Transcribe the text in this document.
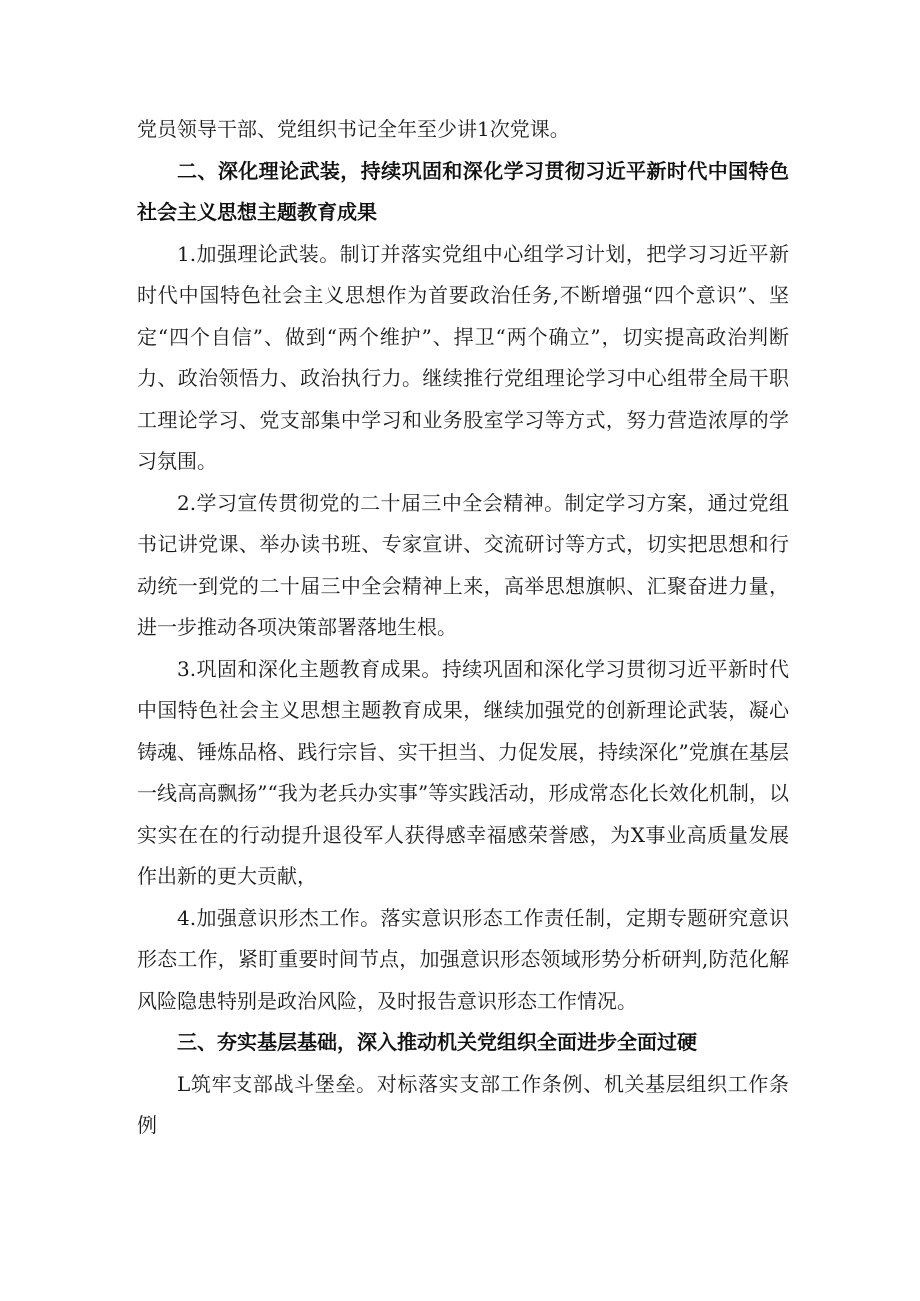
党员领导干部、党组织书记全年至少讲1次党课。

二、深化理论武装，持续巩固和深化学习贯彻习近平新时代中国特色社会主义思想主题教育成果

1.加强理论武装。制订并落实党组中心组学习计划，把学习习近平新时代中国特色社会主义思想作为首要政治任务,不断增强“四个意识”、坚定“四个自信”、做到“两个维护”、捍卫“两个确立”，切实提高政治判断力、政治领悟力、政治执行力。继续推行党组理论学习中心组带全局干职工理论学习、党支部集中学习和业务股室学习等方式，努力营造浓厚的学习氛围。

2.学习宣传贯彻党的二十届三中全会精神。制定学习方案，通过党组书记讲党课、举办读书班、专家宣讲、交流研讨等方式，切实把思想和行动统一到党的二十届三中全会精神上来，高举思想旗帜、汇聚奋进力量，进一步推动各项决策部署落地生根。

3.巩固和深化主题教育成果。持续巩固和深化学习贯彻习近平新时代中国特色社会主义思想主题教育成果，继续加强党的创新理论武装，凝心铸魂、锤炼品格、践行宗旨、实干担当、力促发展，持续深化”党旗在基层一线高高飘扬”“我为老兵办实事”等实践活动，形成常态化长效化机制，以实实在在的行动提升退役军人获得感幸福感荣誉感，为X事业高质量发展作出新的更大贡献，

4.加强意识形杰工作。落实意识形态工作责任制，定期专题研究意识形态工作，紧盯重要时间节点，加强意识形态领域形势分析研判,防范化解风险隐患特别是政治风险，及时报告意识形态工作情况。

三、夯实基层基础，深入推动机关党组织全面进步全面过硬

L筑牢支部战斗堡垒。对标落实支部工作条例、机关基层组织工作条例
